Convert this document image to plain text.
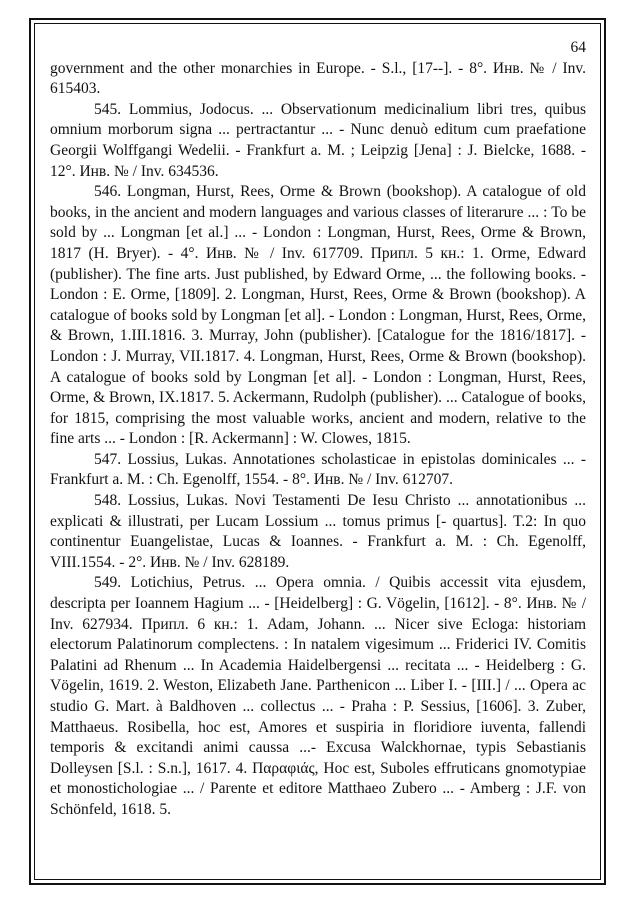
64

government and the other monarchies in Europe. - S.l., [17--]. - 8°. Инв. № / Inv. 615403.

545. Lommius, Jodocus. ... Observationum medicinalium libri tres, quibus omnium morborum signa ... pertractantur ... - Nunc denuò editum cum praefatione Georgii Wolffgangi Wedelii. - Frankfurt a. M. ; Leipzig [Jena] : J. Bielcke, 1688. - 12°. Инв. № / Inv. 634536.

546. Longman, Hurst, Rees, Orme & Brown (bookshop). A catalogue of old books, in the ancient and modern languages and various classes of literarure ... : To be sold by ... Longman [et al.] ... - London : Longman, Hurst, Rees, Orme & Brown, 1817 (H. Bryer). - 4°. Инв. № / Inv. 617709. Припл. 5 кн.: 1. Orme, Edward (publisher). The fine arts. Just published, by Edward Orme, ... the following books. - London : E. Orme, [1809]. 2. Longman, Hurst, Rees, Orme & Brown (bookshop). A catalogue of books sold by Longman [et al]. - London : Longman, Hurst, Rees, Orme, & Brown, 1.III.1816. 3. Murray, John (publisher). [Catalogue for the 1816/1817]. - London : J. Murray, VII.1817. 4. Longman, Hurst, Rees, Orme & Brown (bookshop). A catalogue of books sold by Longman [et al]. - London : Longman, Hurst, Rees, Orme, & Brown, IX.1817. 5. Ackermann, Rudolph (publisher). ... Catalogue of books, for 1815, comprising the most valuable works, ancient and modern, relative to the fine arts ... - London : [R. Ackermann] : W. Clowes, 1815.

547. Lossius, Lukas. Annotationes scholasticae in epistolas dominicales ... - Frankfurt a. M. : Ch. Egenolff, 1554. - 8°. Инв. № / Inv. 612707.

548. Lossius, Lukas. Novi Testamenti De Iesu Christo ... annotationibus ... explicati & illustrati, per Lucam Lossium ... tomus primus [- quartus]. T.2: In quo continentur Euangelistae, Lucas & Ioannes. - Frankfurt a. M. : Ch. Egenolff, VIII.1554. - 2°. Инв. № / Inv. 628189.

549. Lotichius, Petrus. ... Opera omnia. / Quibis accessit vita ejusdem, descripta per Ioannem Hagium ... - [Heidelberg] : G. Vögelin, [1612]. - 8°. Инв. № / Inv. 627934. Припл. 6 кн.: 1. Adam, Johann. ... Nicer sive Ecloga: historiam electorum Palatinorum complectens. : In natalem vigesimum ... Friderici IV. Comitis Palatini ad Rhenum ... In Academia Haidelbergensi ... recitata ... - Heidelberg : G. Vögelin, 1619. 2. Weston, Elizabeth Jane. Parthenicon ... Liber I. - [III.] / ... Opera ac studio G. Mart. à Baldhoven ... collectus ... - Praha : P. Sessius, [1606]. 3. Zuber, Matthaeus. Rosibella, hoc est, Amores et suspiria in floridiore iuventa, fallendi temporis & excitandi animi caussa ...- Excusa Walckhornae, typis Sebastianis Dolleysen [S.l. : S.n.], 1617. 4. Παραφιάς, Hoc est, Suboles effruticans gnomotypiae et monostichologiae ... / Parente et editore Matthaeo Zubero ... - Amberg : J.F. von Schönfeld, 1618. 5.
